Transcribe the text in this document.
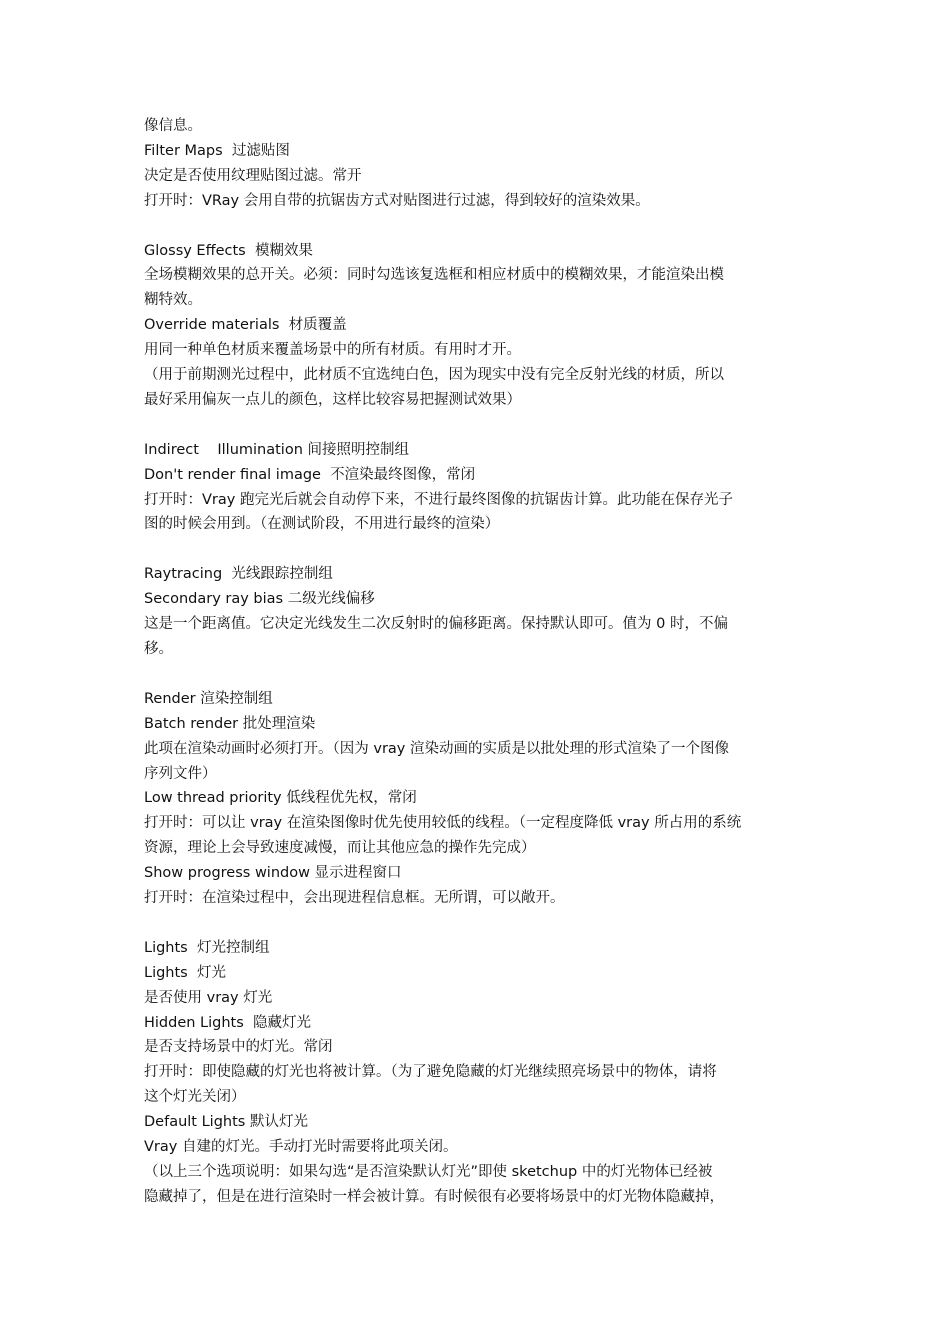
像信息。
Filter Maps  过滤贴图
决定是否使用纹理贴图过滤。常开
打开时：VRay 会用自带的抗锯齿方式对贴图进行过滤，得到较好的渲染效果。
Glossy Effects  模糊效果
全场模糊效果的总开关。必须：同时勾选该复选框和相应材质中的模糊效果，才能渲染出模
糊特效。
Override materials  材质覆盖
用同一种单色材质来覆盖场景中的所有材质。有用时才开。
（用于前期测光过程中，此材质不宜选纯白色，因为现实中没有完全反射光线的材质，所以
最好采用偏灰一点儿的颜色，这样比较容易把握测试效果）
Indirect    Illumination 间接照明控制组
Don't render final image  不渲染最终图像，常闭
打开时：Vray 跑完光后就会自动停下来，不进行最终图像的抗锯齿计算。此功能在保存光子
图的时候会用到。（在测试阶段，不用进行最终的渲染）
Raytracing  光线跟踪控制组
Secondary ray bias 二级光线偏移
这是一个距离值。它决定光线发生二次反射时的偏移距离。保持默认即可。值为 0 时，不偏
移。
Render 渲染控制组
Batch render 批处理渲染
此项在渲染动画时必须打开。（因为 vray 渲染动画的实质是以批处理的形式渲染了一个图像
序列文件）
Low thread priority 低线程优先权，常闭
打开时：可以让 vray 在渲染图像时优先使用较低的线程。（一定程度降低 vray 所占用的系统
资源，理论上会导致速度减慢，而让其他应急的操作先完成）
Show progress window 显示进程窗口
打开时：在渲染过程中，会出现进程信息框。无所谓，可以敞开。
Lights  灯光控制组
Lights  灯光
是否使用 vray 灯光
Hidden Lights  隐藏灯光
是否支持场景中的灯光。常闭
打开时：即使隐藏的灯光也将被计算。（为了避免隐藏的灯光继续照亮场景中的物体，请将
这个灯光关闭）
Default Lights 默认灯光
Vray 自建的灯光。手动打光时需要将此项关闭。
（以上三个选项说明：如果勾选“是否渲染默认灯光”即使 sketchup 中的灯光物体已经被
隐藏掉了，但是在进行渲染时一样会被计算。有时候很有必要将场景中的灯光物体隐藏掉，
